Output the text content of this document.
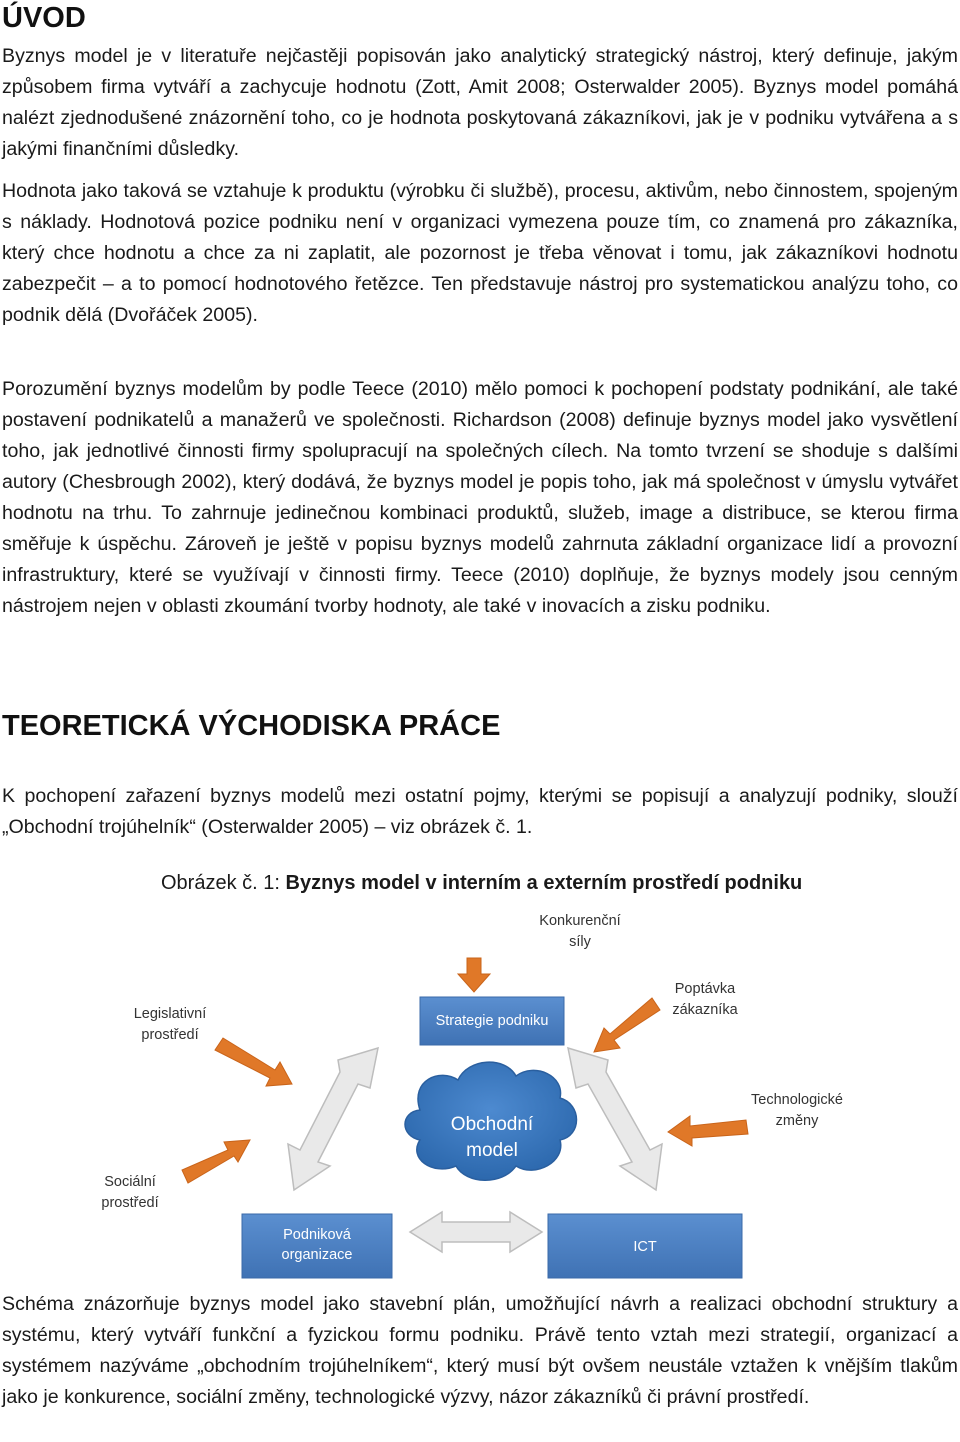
ÚVOD

Byznys model je v literatuře nejčastěji popisován jako analytický strategický nástroj, který definuje, jakým způsobem firma vytváří a zachycuje hodnotu (Zott, Amit 2008; Osterwalder 2005). Byznys model pomáhá nalézt zjednodušené znázornění toho, co je hodnota poskytovaná zákazníkovi, jak je v podniku vytvářena a s jakými finančními důsledky.

Hodnota jako taková se vztahuje k produktu (výrobku či službě), procesu, aktivům, nebo činnostem, spojeným s náklady. Hodnotová pozice podniku není v organizaci vymezena pouze tím, co znamená pro zákazníka, který chce hodnotu a chce za ni zaplatit, ale pozornost je třeba věnovat i tomu, jak zákazníkovi hodnotu zabezpečit – a to pomocí hodnotového řetězce. Ten představuje nástroj pro systematickou analýzu toho, co podnik dělá (Dvořáček 2005).

Porozumění byznys modelům by podle Teece (2010) mělo pomoci k pochopení podstaty podnikání, ale také postavení podnikatelů a manažerů ve společnosti. Richardson (2008) definuje byznys model jako vysvětlení toho, jak jednotlivé činnosti firmy spolupracují na společných cílech. Na tomto tvrzení se shoduje s dalšími autory (Chesbrough 2002), který dodává, že byznys model je popis toho, jak má společnost v úmyslu vytvářet hodnotu na trhu. To zahrnuje jedinečnou kombinaci produktů, služeb, image a distribuce, se kterou firma směřuje k úspěchu. Zároveň je ještě v popisu byznys modelů zahrnuta základní organizace lidí a provozní infrastruktury, které se využívají v činnosti firmy. Teece (2010) doplňuje, že byznys modely jsou cenným nástrojem nejen v oblasti zkoumání tvorby hodnoty, ale také v inovacích a zisku podniku.

TEORETICKÁ VÝCHODISKA PRÁCE

K pochopení zařazení byznys modelů mezi ostatní pojmy, kterými se popisují a analyzují podniky, slouží „Obchodní trojúhelník“ (Osterwalder 2005) – viz obrázek č. 1.

Obrázek č. 1: Byznys model v interním a externím prostředí podniku
Strategie podniku
Podniková
organizace	ICT
Obchodní
model
Konkurenční
síly
Poptávka
zákazníka
Legislativní
prostředí
Technologické
změny
Sociální
prostředí

Schéma znázorňuje byznys model jako stavební plán, umožňující návrh a realizaci obchodní struktury a systému, který vytváří funkční a fyzickou formu podniku. Právě tento vztah mezi strategií, organizací a systémem nazýváme „obchodním trojúhelníkem“, který musí být ovšem neustále vztažen k vnějším tlakům jako je konkurence, sociální změny, technologické výzvy, názor zákazníků či právní prostředí.
